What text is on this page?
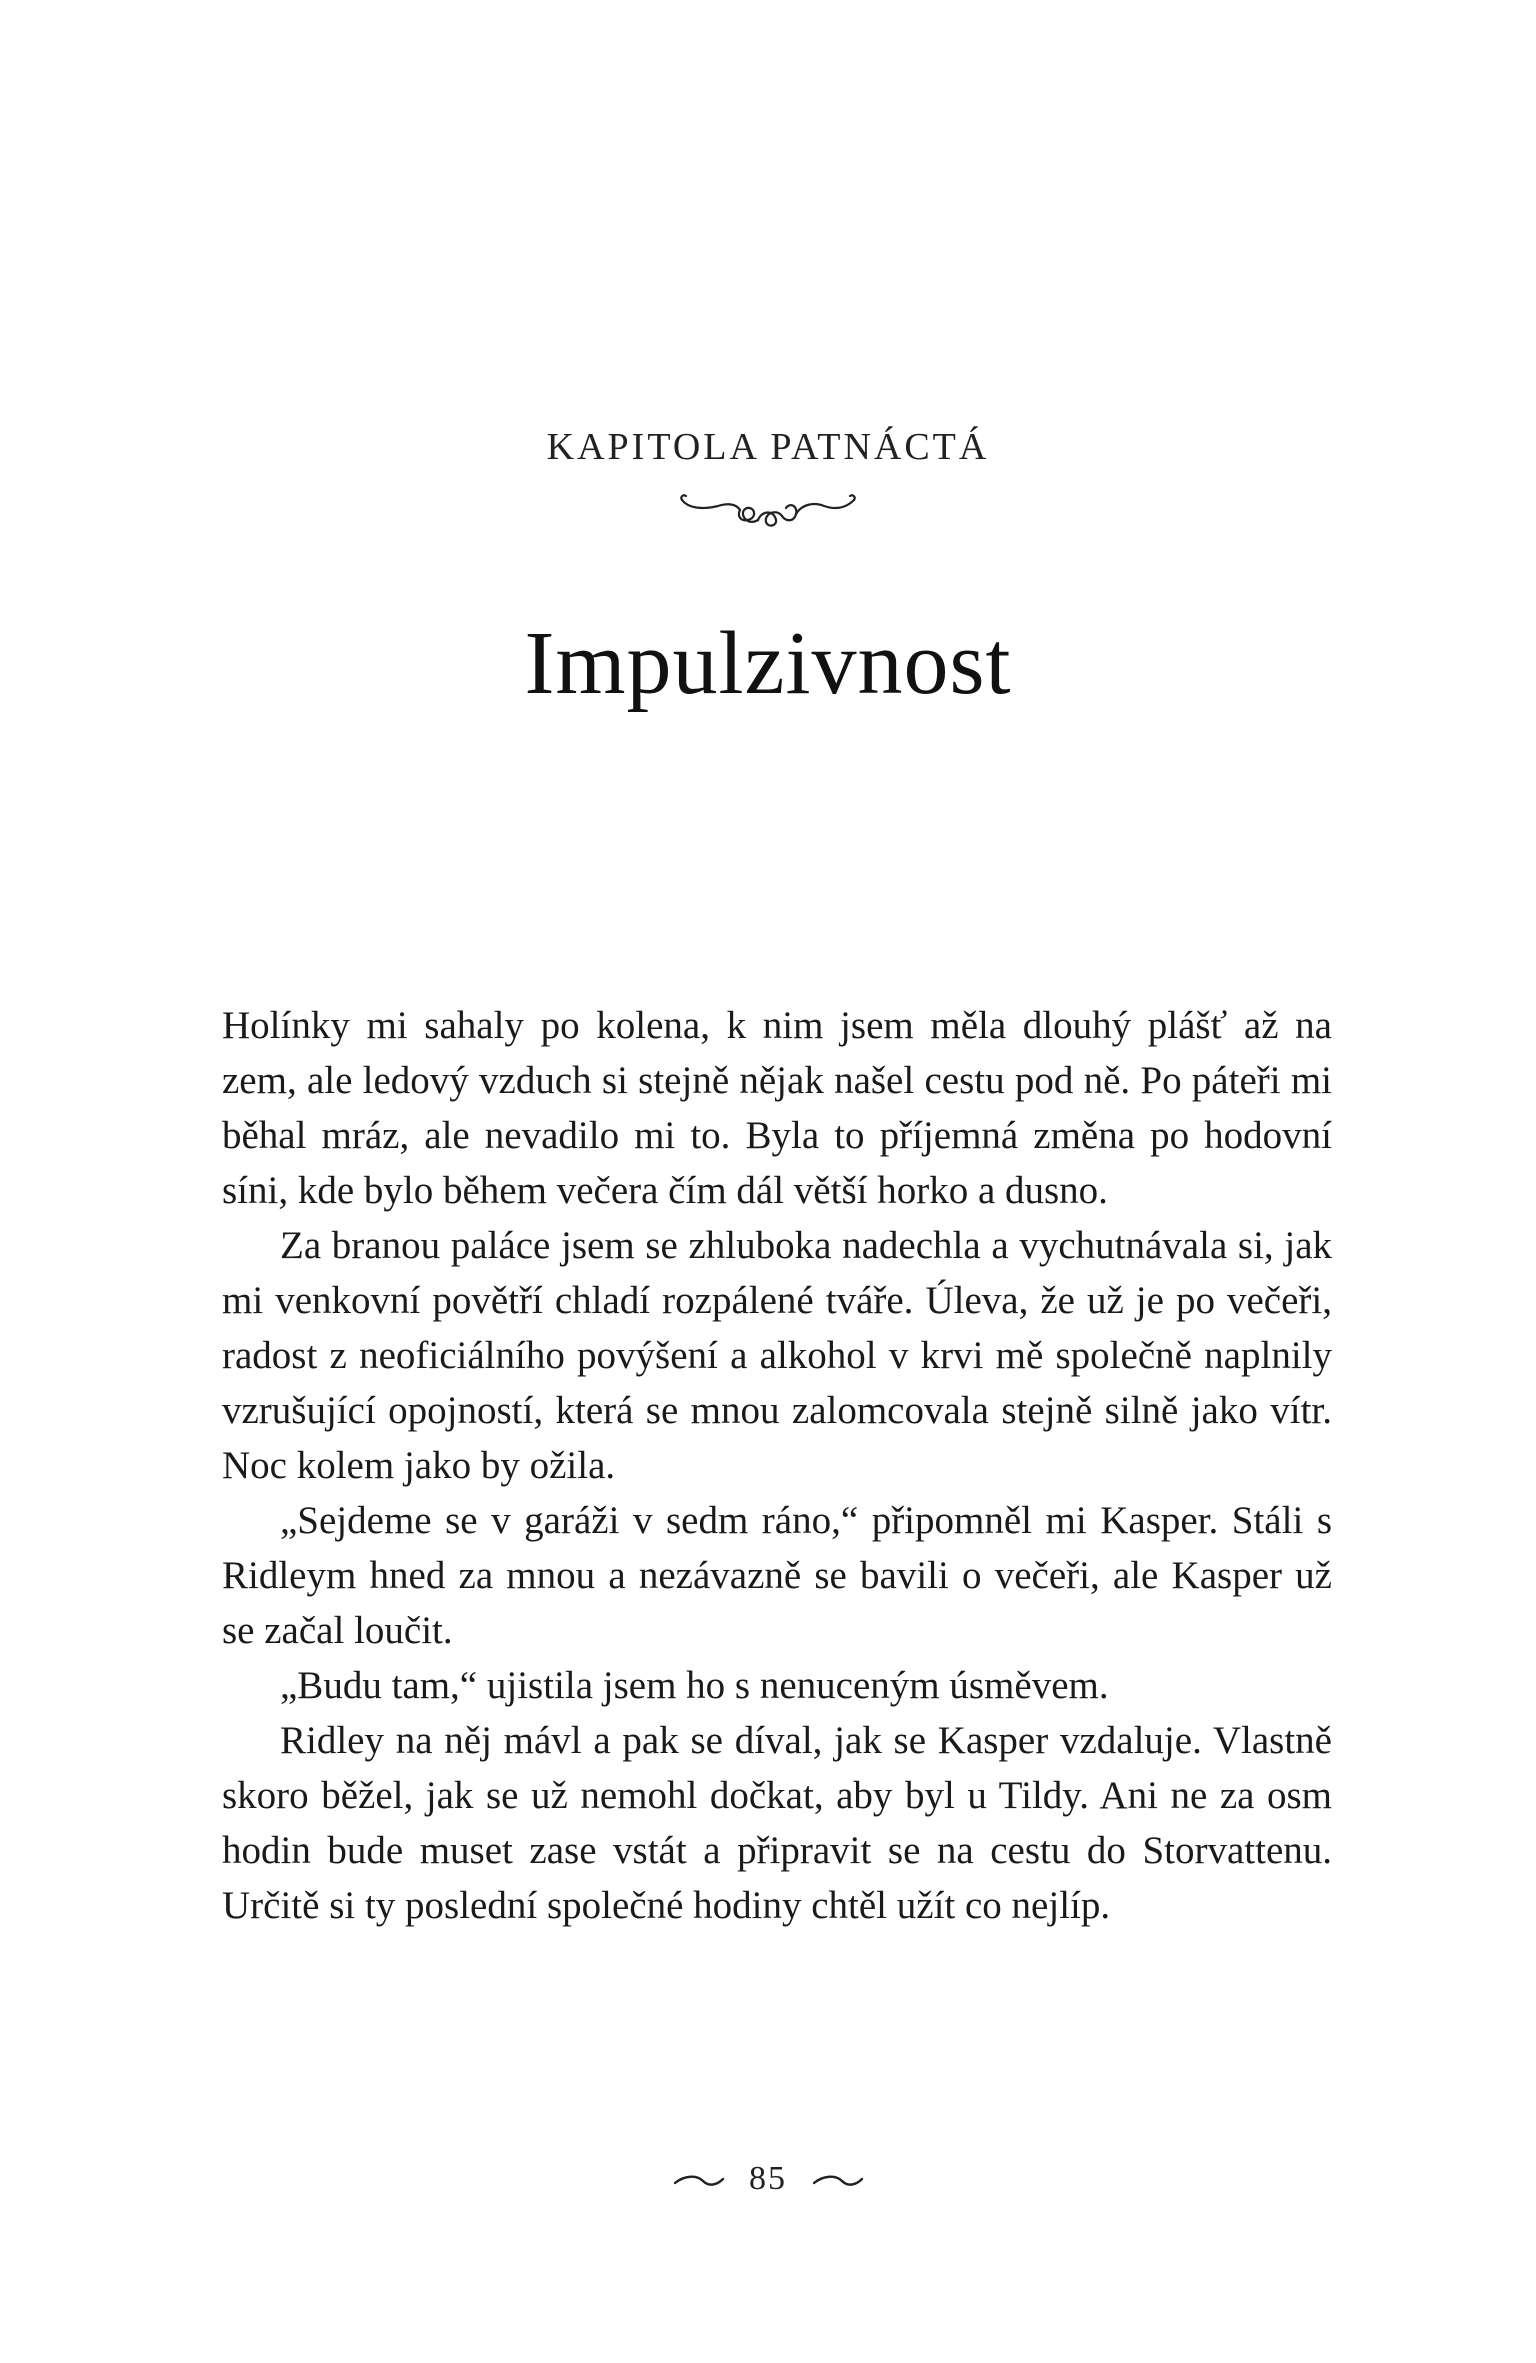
KAPITOLA PATNÁCTÁ
Impulzivnost

Holínky mi sahaly po kolena, k nim jsem měla dlouhý plášť až na zem, ale ledový vzduch si stejně nějak našel cestu pod ně. Po páteři mi běhal mráz, ale nevadilo mi to. Byla to příjemná změna po hodovní síni, kde bylo během večera čím dál větší horko a dusno.

Za branou paláce jsem se zhluboka nadechla a vychutnávala si, jak mi venkovní povětří chladí rozpálené tváře. Úleva, že už je po večeři, radost z neoficiálního povýšení a alkohol v krvi mě společně naplnily vzrušující opojností, která se mnou zalomcovala stejně silně jako vítr. Noc kolem jako by ožila.

„Sejdeme se v garáži v sedm ráno,“ připomněl mi Kasper. Stáli s Ridleym hned za mnou a nezávazně se bavili o večeři, ale Kasper už se začal loučit.

„Budu tam,“ ujistila jsem ho s nenuceným úsměvem.

Ridley na něj mávl a pak se díval, jak se Kasper vzdaluje. Vlastně skoro běžel, jak se už nemohl dočkat, aby byl u Tildy. Ani ne za osm hodin bude muset zase vstát a připravit se na cestu do Storvattenu. Určitě si ty poslední společné hodiny chtěl užít co nejlíp.

85
